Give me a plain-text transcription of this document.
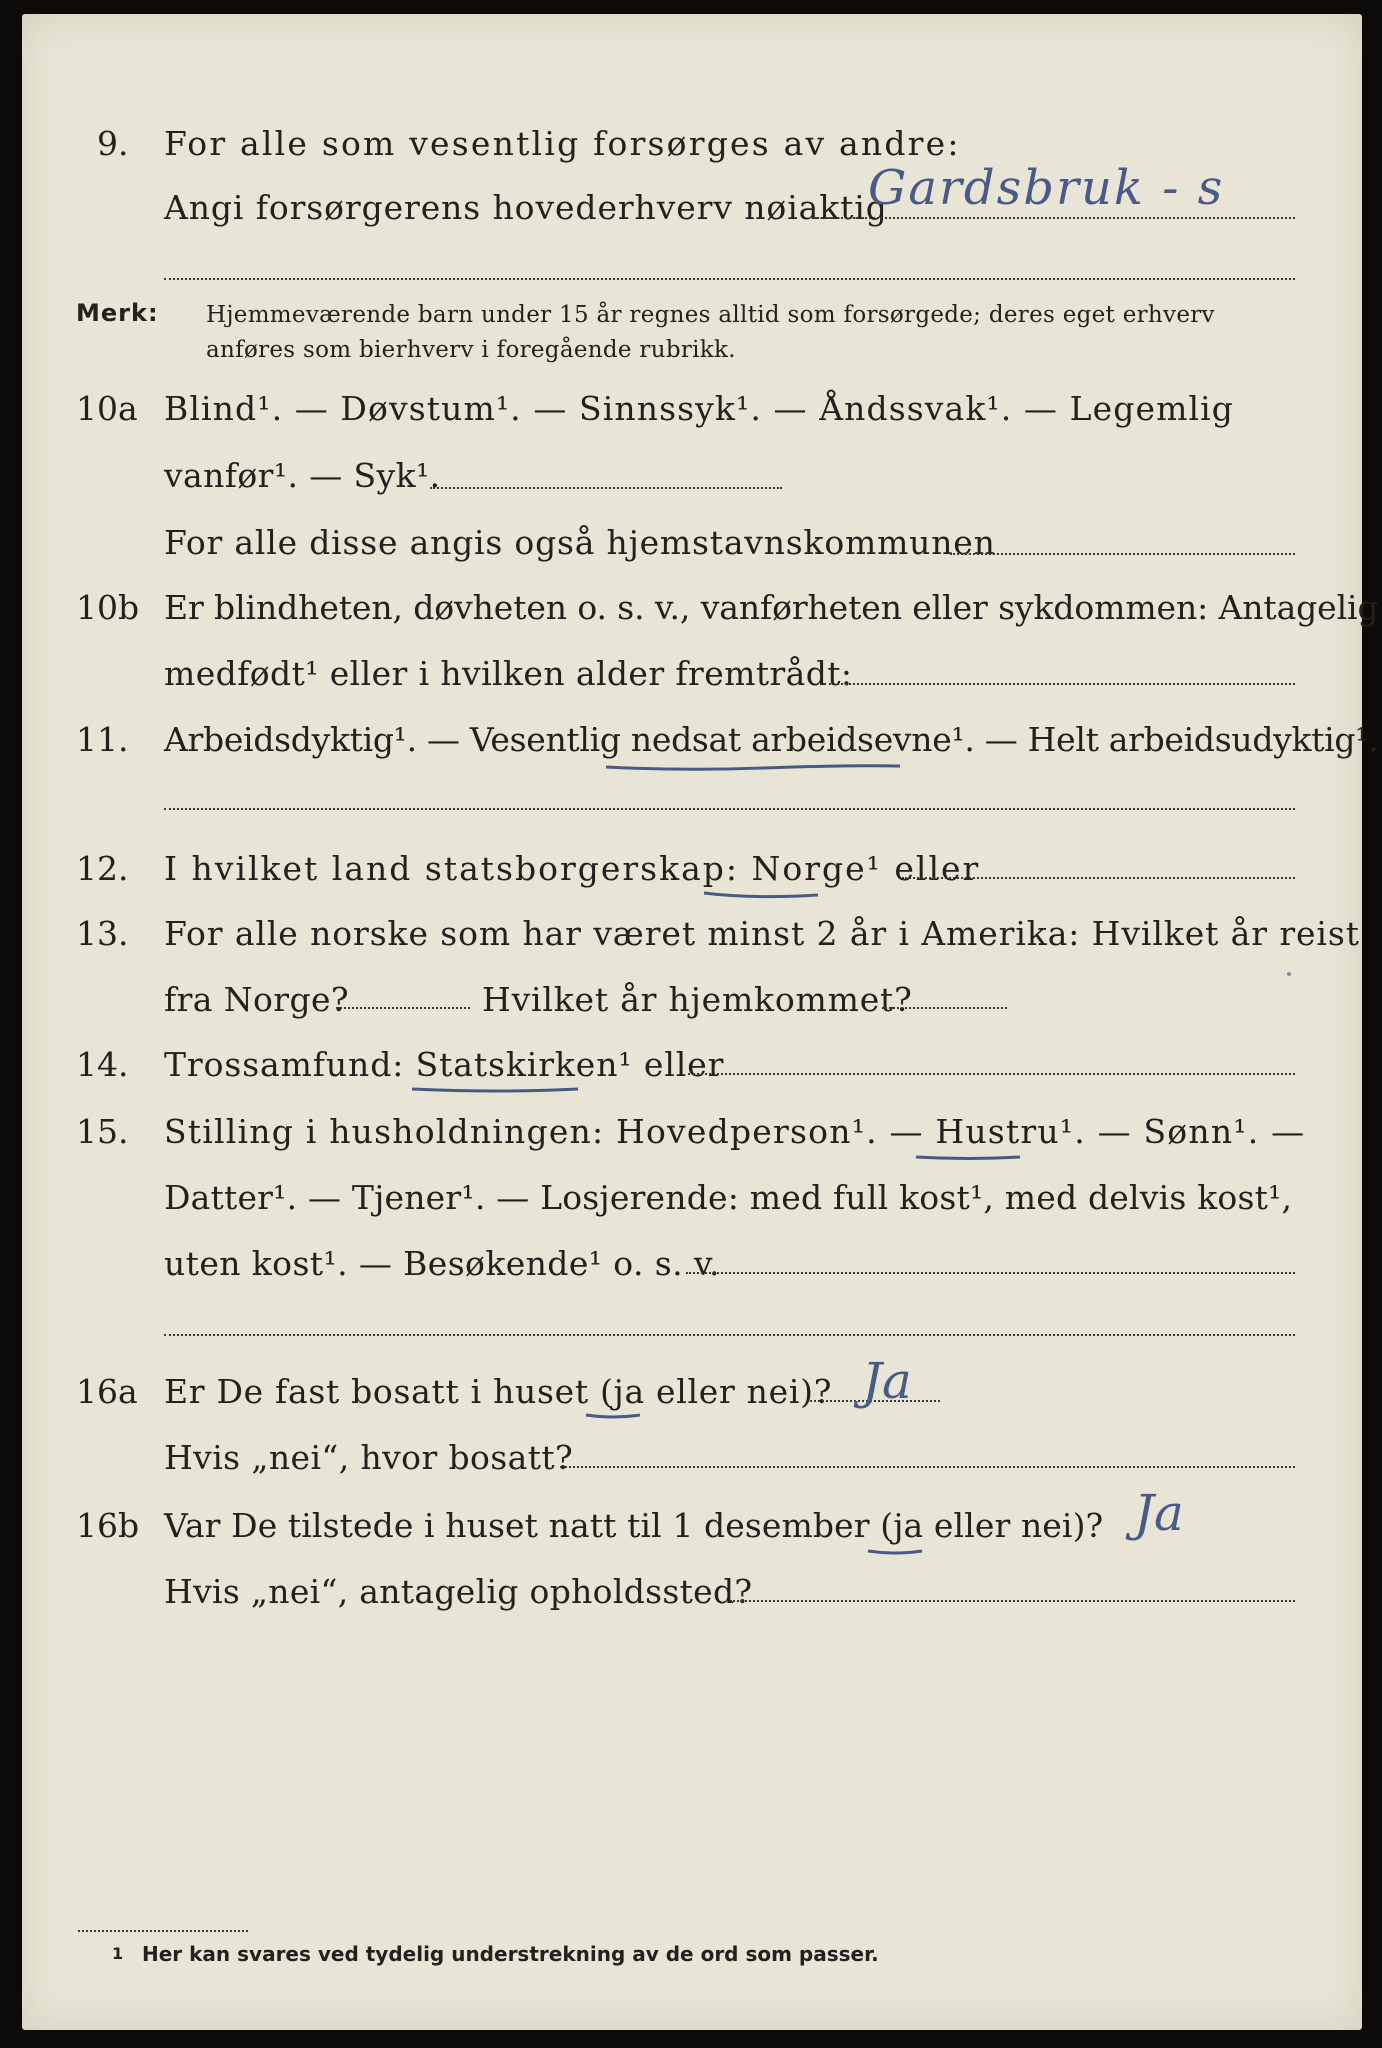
9. For alle som vesentlig forsørges av andre:
Angi forsørgerens hovederhverv nøiaktig
Gardsbruk - s
Merk: Hjemmeværende barn under 15 år regnes alltid som forsørgede; deres eget erhverv
anføres som bierhverv i foregående rubrikk.
10a Blind¹. — Døvstum¹. — Sinnssyk¹. — Åndssvak¹. — Legemlig
vanfør¹. — Syk¹.
For alle disse angis også hjemstavnskommunen
10b Er blindheten, døvheten o. s. v., vanførheten eller sykdommen: Antagelig
medfødt¹ eller i hvilken alder fremtrådt:
11. Arbeidsdyktig¹. — Vesentlig nedsat arbeidsevne¹. — Helt arbeidsudyktig¹.
12. I hvilket land statsborgerskap: Norge¹ eller
13. For alle norske som har været minst 2 år i Amerika: Hvilket år reist
fra Norge?	Hvilket år hjemkommet?
14. Trossamfund: Statskirken¹ eller
15. Stilling i husholdningen: Hovedperson¹. — Hustru¹. — Sønn¹. —
Datter¹. — Tjener¹. — Losjerende: med full kost¹, med delvis kost¹,
uten kost¹. — Besøkende¹ o. s. v.
16a Er De fast bosatt i huset (ja eller nei)? Ja
Hvis „nei“, hvor bosatt?
16b Var De tilstede i huset natt til 1 desember (ja eller nei)? Ja
Hvis „nei“, antagelig opholdssted?
1 Her kan svares ved tydelig understrekning av de ord som passer.
